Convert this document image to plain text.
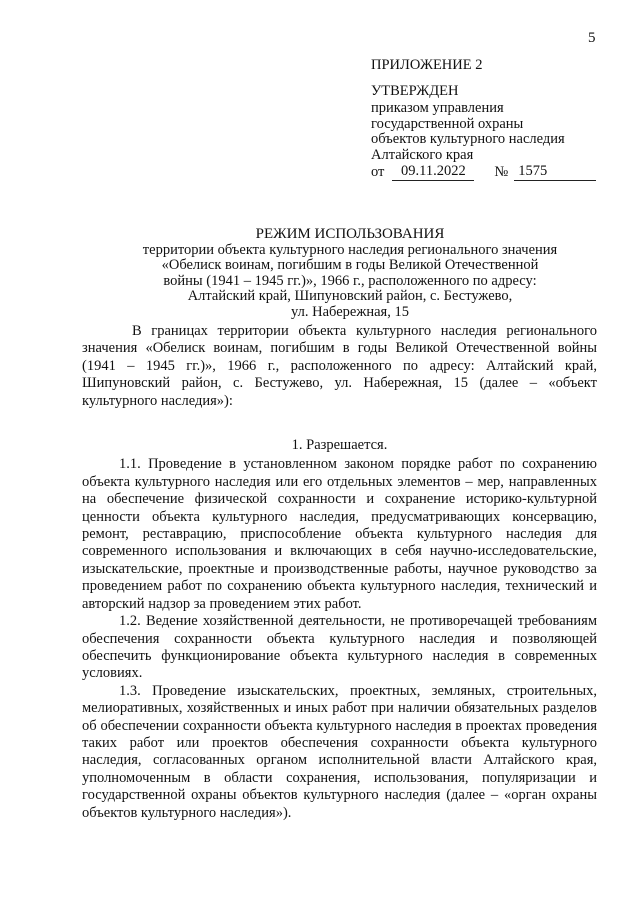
5
ПРИЛОЖЕНИЕ 2
УТВЕРЖДЕН
приказом управления
государственной охраны
объектов культурного наследия
Алтайского края
от	09.11.2022	№ 1575
РЕЖИМ ИСПОЛЬЗОВАНИЯ
территории объекта культурного наследия регионального значения
«Обелиск воинам, погибшим в годы Великой Отечественной
войны (1941 – 1945 гг.)», 1966 г., расположенного по адресу:
Алтайский край, Шипуновский район, с. Бестужево,
ул. Набережная, 15

В границах территории объекта культурного наследия регионального значения «Обелиск воинам, погибшим в годы Великой Отечественной войны (1941 – 1945 гг.)», 1966 г., расположенного по адресу: Алтайский край, Шипуновский район, с. Бестужево, ул. Набережная, 15 (далее – «объект культурного наследия»):

1. Разрешается.

1.1. Проведение в установленном законом порядке работ по сохранению объекта культурного наследия или его отдельных элементов – мер, направленных на обеспечение физической сохранности и сохранение историко-культурной ценности объекта культурного наследия, предусматривающих консервацию, ремонт, реставрацию, приспособление объекта культурного наследия для современного использования и включающих в себя научно-исследовательские, изыскательские, проектные и производственные работы, научное руководство за проведением работ по сохранению объекта культурного наследия, технический и авторский надзор за проведением этих работ.

1.2. Ведение хозяйственной деятельности, не противоречащей требованиям обеспечения сохранности объекта культурного наследия и позволяющей обеспечить функционирование объекта культурного наследия в современных условиях.

1.3. Проведение изыскательских, проектных, земляных, строительных, мелиоративных, хозяйственных и иных работ при наличии обязательных разделов об обеспечении сохранности объекта культурного наследия в проектах проведения таких работ или проектов обеспечения сохранности объекта культурного наследия, согласованных органом исполнительной власти Алтайского края, уполномоченным в области сохранения, использования, популяризации и государственной охраны объектов культурного наследия (далее – «орган охраны объектов культурного наследия»).
